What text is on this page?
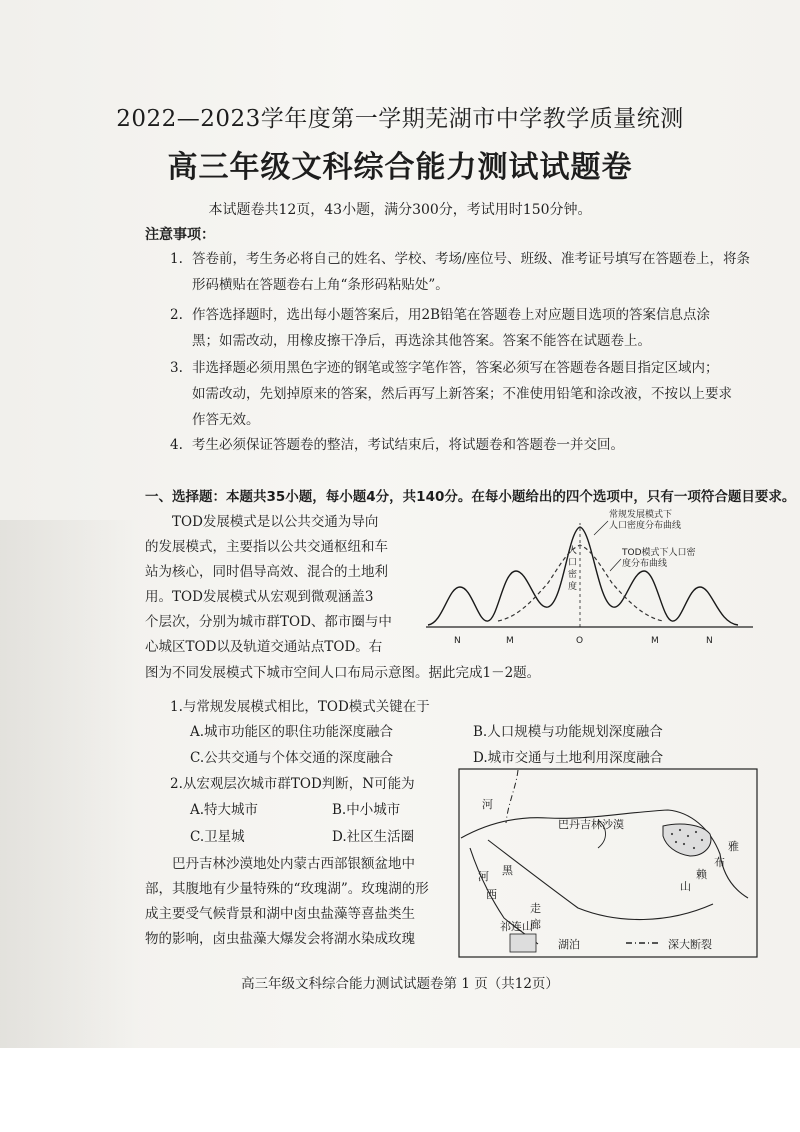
2022—2023学年度第一学期芜湖市中学教学质量统测
高三年级文科综合能力测试试题卷
本试题卷共12页，43小题，满分300分，考试用时150分钟。
注意事项：
1. 答卷前，考生务必将自己的姓名、学校、考场/座位号、班级、准考证号填写在答题卷上，将条
形码横贴在答题卷右上角“条形码粘贴处”。
2. 作答选择题时，选出每小题答案后，用2B铅笔在答题卷上对应题目选项的答案信息点涂
黑；如需改动，用橡皮擦干净后，再选涂其他答案。答案不能答在试题卷上。
3. 非选择题必须用黑色字迹的钢笔或签字笔作答，答案必须写在答题卷各题目指定区域内；
如需改动，先划掉原来的答案，然后再写上新答案；不准使用铅笔和涂改液，不按以上要求
作答无效。
4. 考生必须保证答题卷的整洁，考试结束后，将试题卷和答题卷一并交回。
一、选择题：本题共35小题，每小题4分，共140分。在每小题给出的四个选项中，只有一项符合题目要求。
　　TOD发展模式是以公共交通为导向
的发展模式，主要指以公共交通枢纽和车
站为核心，同时倡导高效、混合的土地利
用。TOD发展模式从宏观到微观涵盖3
个层次，分别为城市群TOD、都市圈与中
心城区TOD以及轨道交通站点TOD。右
图为不同发展模式下城市空间人口布局示意图。据此完成1－2题。
人
口
密
度
常规发展模式下
人口密度分布曲线
TOD模式下人口密
度分布曲线
N	M	O	M	N
1.与常规发展模式相比，TOD模式关键在于
A.城市功能区的职住功能深度融合	B.人口规模与功能规划深度融合
C.公共交通与个体交通的深度融合	D.城市交通与土地利用深度融合
2.从宏观层次城市群TOD判断，N可能为
A.特大城市	B.中小城市
C.卫星城	D.社区生活圈
　　巴丹吉林沙漠地处内蒙古西部银额盆地中
部，其腹地有少量特殊的“玫瑰湖”。玫瑰湖的形
成主要受气候背景和湖中卤虫盐藻等喜盐类生
物的影响，卤虫盐藻大爆发会将湖水染成玫瑰
河
巴丹吉林沙漠
河
西
黑
走
廊
祁连山
雅
布
赖
山
湖泊	深大断裂
高三年级文科综合能力测试试题卷第 1 页（共12页）
